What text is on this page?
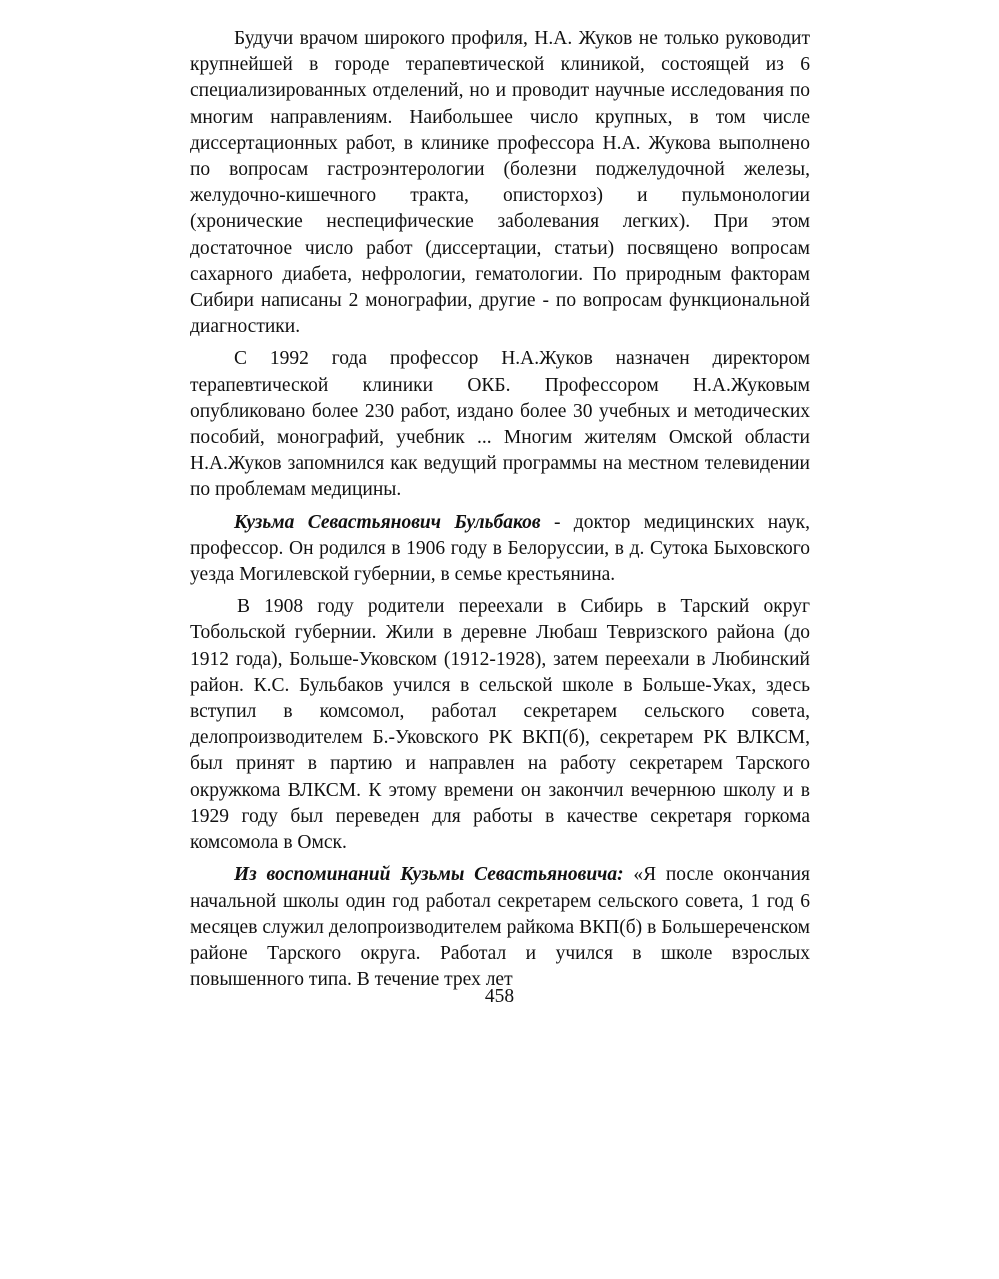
Будучи врачом широкого профиля, Н.А. Жуков не только руководит крупнейшей в городе терапевтической клиникой, состоящей из 6 специализированных отделений, но и проводит научные исследования по многим направлениям. Наибольшее число крупных, в том числе диссертационных работ, в клинике профессора Н.А. Жукова выполнено по вопросам гастроэнтерологии (болезни поджелудочной железы, желудочно-кишечного тракта, описторхоз) и пульмонологии (хронические неспецифические заболевания легких). При этом достаточное число работ (диссертации, статьи) посвящено вопросам сахарного диабета, нефрологии, гематологии. По природным факторам Сибири написаны 2 монографии, другие - по вопросам функциональной диагностики.

С 1992 года профессор Н.А.Жуков назначен директором терапевтической клиники ОКБ. Профессором Н.А.Жуковым опубликовано более 230 работ, издано более 30 учебных и методических пособий, монографий, учебник ... Многим жителям Омской области Н.А.Жуков запомнился как ведущий программы на местном телевидении по проблемам медицины.

Кузьма Севастьянович Бульбаков - доктор медицинских наук, профессор. Он родился в 1906 году в Белоруссии, в д. Сутока Быховского уезда Могилевской губернии, в семье крестьянина.

В 1908 году родители переехали в Сибирь в Тарский округ Тобольской губернии. Жили в деревне Любаш Тевризского района (до 1912 года), Больше-Уковском (1912-1928), затем переехали в Любинский район. К.С. Бульбаков учился в сельской школе в Больше-Уках, здесь вступил в комсомол, работал секретарем сельского совета, делопроизводителем Б.-Уковского РК ВКП(б), секретарем РК ВЛКСМ, был принят в партию и направлен на работу секретарем Тарского окружкома ВЛКСМ. К этому времени он закончил вечернюю школу и в 1929 году был переведен для работы в качестве секретаря горкома комсомола в Омск.

Из воспоминаний Кузьмы Севастьяновича: «Я после окончания начальной школы один год работал секретарем сельского совета, 1 год 6 месяцев служил делопроизводителем райкома ВКП(б) в Большереченском районе Тарского округа. Работал и учился в школе взрослых повышенного типа. В течение трех лет

458
